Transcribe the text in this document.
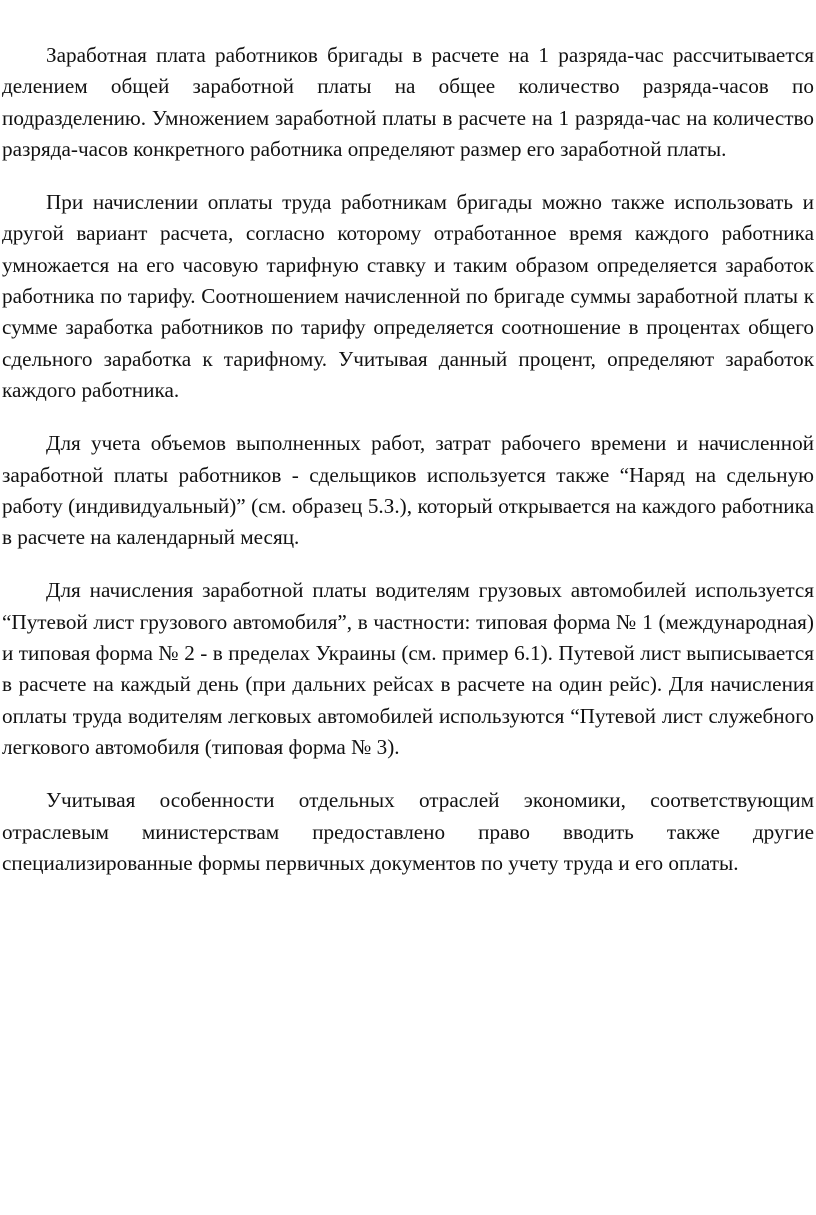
Заработная плата работников бригады в расчете на 1 разряда-час рассчитывается делением общей заработной платы на общее количество разряда-часов по подразделению. Умножением заработной платы в расчете на 1 разряда-час на количество разряда-часов конкретного работника определяют размер его заработной платы.

При начислении оплаты труда работникам бригады можно также использовать и другой вариант расчета, согласно которому отработанное время каждого работника умножается на его часовую тарифную ставку и таким образом определяется заработок работника по тарифу. Соотношением начисленной по бригаде суммы заработной платы к сумме заработка работников по тарифу определяется соотношение в процентах общего сдельного заработка к тарифному. Учитывая данный процент, определяют заработок каждого работника.

Для учета объемов выполненных работ, затрат рабочего времени и начисленной заработной платы работников - сдельщиков используется также “Наряд на сдельную работу (индивидуальный)” (см. образец 5.З.), который открывается на каждого работника в расчете на календарный месяц.

Для начисления заработной платы водителям грузовых автомобилей используется “Путевой лист грузового автомобиля”, в частности: типовая форма № 1 (международная) и типовая форма № 2 - в пределах Украины (см. пример 6.1). Путевой лист выписывается в расчете на каждый день (при дальних рейсах в расчете на один рейс). Для начисления оплаты труда водителям легковых автомобилей используются “Путевой лист служебного легкового автомобиля (типовая форма № 3).

Учитывая особенности отдельных отраслей экономики, соответствующим отраслевым министерствам предоставлено право вводить также другие специализированные формы первичных документов по учету труда и его оплаты.
